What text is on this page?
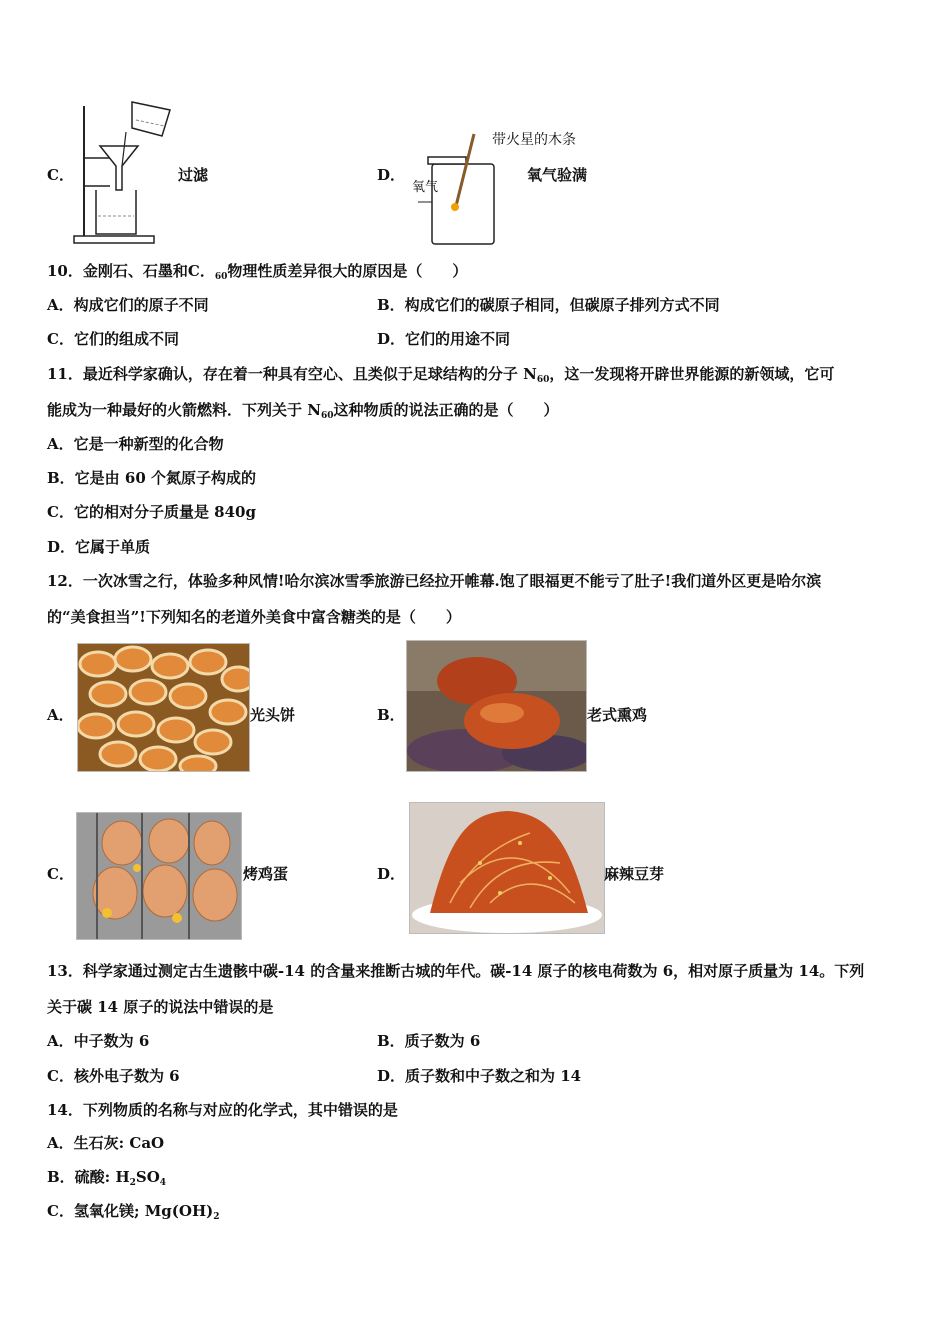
C．	过滤	D．
带火星的木条
氧气
氧气验满
10．金刚石、石墨和C．$_{60}$物理性质差异很大的原因是（　　）
A．构成它们的原子不同	B．构成它们的碳原子相同，但碳原子排列方式不同
C．它们的组成不同	D．它们的用途不同
11．最近科学家确认，存在着一种具有空心、且类似于足球结构的分子 $N_{60}$，这一发现将开辟世界能源的新领域，它可
能成为一种最好的火箭燃料．下列关于 $N_{60}$这种物质的说法正确的是（　　）
A．它是一种新型的化合物
B．它是由 60 个氮原子构成的
C．它的相对分子质量是 840g
D．它属于单质
12．一次冰雪之行，体验多种风情!哈尔滨冰雪季旅游已经拉开帷幕.饱了眼福更不能亏了肚子!我们道外区更是哈尔滨
的“美食担当”!下列知名的老道外美食中富含糖类的是（　　）
A．	光头饼	B．	老式熏鸡
C．	烤鸡蛋	D．	麻辣豆芽
13．科学家通过测定古生遗骸中碳-14 的含量来推断古城的年代。碳-14 原子的核电荷数为 6，相对原子质量为 14。下列
关于碳 14 原子的说法中错误的是
A．中子数为 6	B．质子数为 6
C．核外电子数为 6	D．质子数和中子数之和为 14
14．下列物质的名称与对应的化学式，其中错误的是
A．生石灰: CaO
B．硫酸: $H_2SO_4$
C．氢氧化镁; $Mg(OH)_2$
